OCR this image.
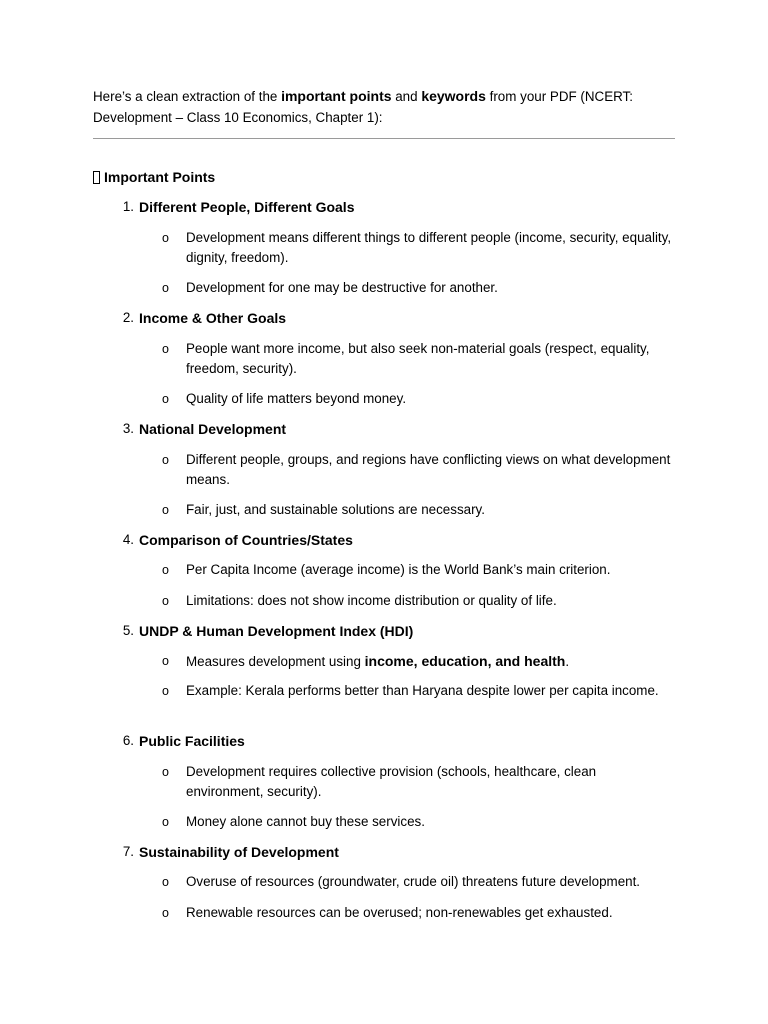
Here’s a clean extraction of the important points and keywords from your PDF (NCERT: Development – Class 10 Economics, Chapter 1):
Important Points
1. Different People, Different Goals
o Development means different things to different people (income, security, equality, dignity, freedom).
o Development for one may be destructive for another.
2. Income & Other Goals
o People want more income, but also seek non-material goals (respect, equality, freedom, security).
o Quality of life matters beyond money.
3. National Development
o Different people, groups, and regions have conflicting views on what development means.
o Fair, just, and sustainable solutions are necessary.
4. Comparison of Countries/States
o Per Capita Income (average income) is the World Bank’s main criterion.
o Limitations: does not show income distribution or quality of life.
5. UNDP & Human Development Index (HDI)
o Measures development using income, education, and health.
o Example: Kerala performs better than Haryana despite lower per capita income.
6. Public Facilities
o Development requires collective provision (schools, healthcare, clean environment, security).
o Money alone cannot buy these services.
7. Sustainability of Development
o Overuse of resources (groundwater, crude oil) threatens future development.
o Renewable resources can be overused; non-renewables get exhausted.
